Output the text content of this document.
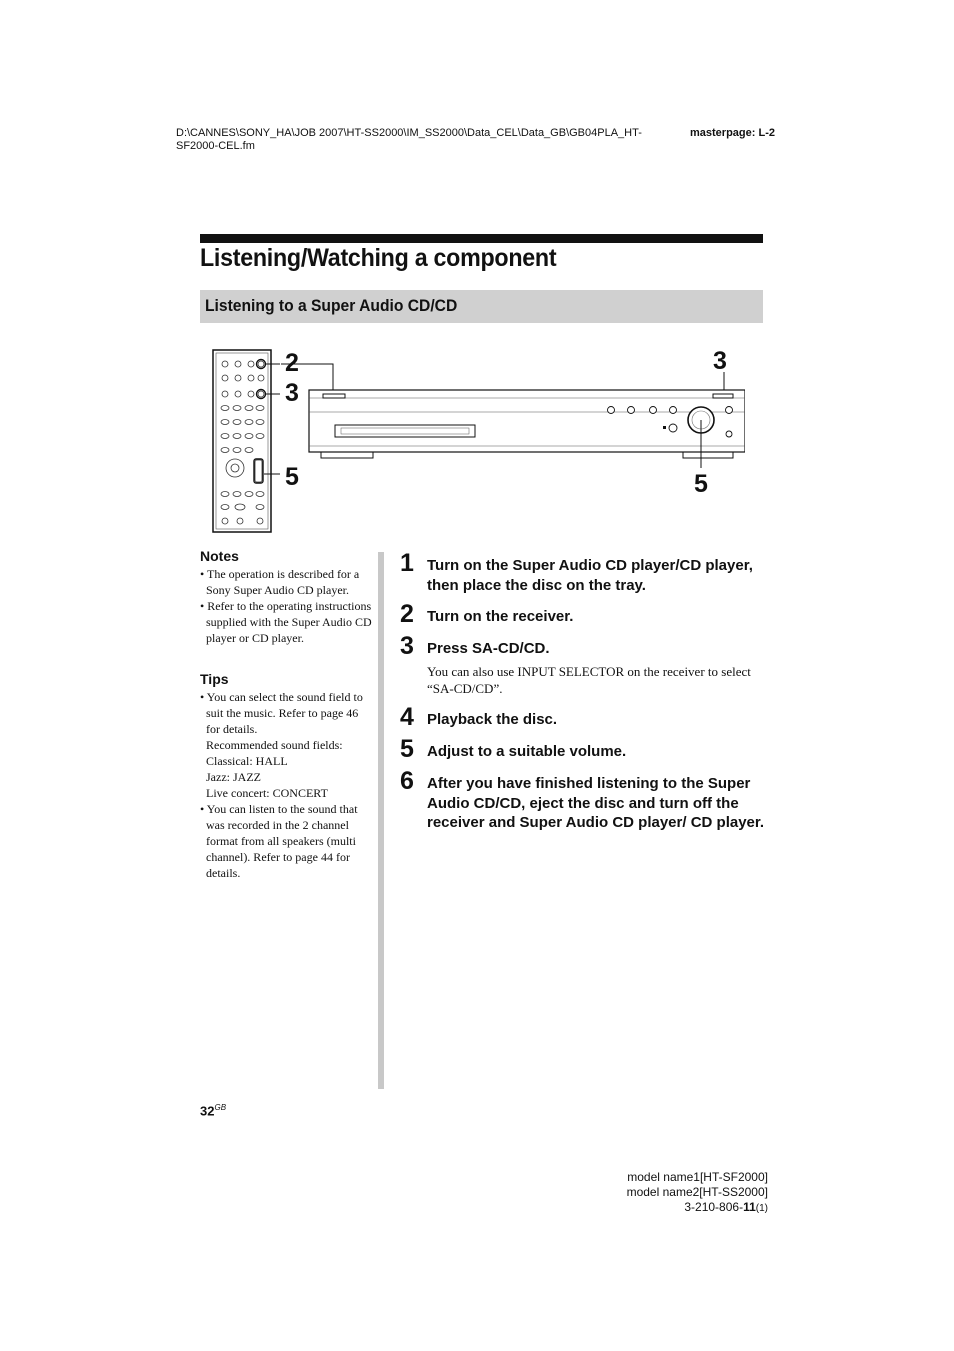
D:\CANNES\SONY_HA\JOB 2007\HT-SS2000\IM_SS2000\Data_CEL\Data_GB\GB04PLA_HT-
SF2000-CEL.fm
masterpage: L-2
Listening/Watching a component
Listening to a Super Audio CD/CD
2
3
5
3
5
Notes
• The operation is described for a Sony Super Audio CD player.
• Refer to the operating instructions supplied with the Super Audio CD player or CD player.
Tips
• You can select the sound field to suit the music. Refer to page 46 for details.
Recommended sound fields:
Classical: HALL
Jazz: JAZZ
Live concert: CONCERT
• You can listen to the sound that was recorded in the 2 channel format from all speakers (multi channel). Refer to page 44 for details.
1 Turn on the Super Audio CD player/CD player, then place the disc on the tray.
2 Turn on the receiver.
3 Press SA-CD/CD.
You can also use INPUT SELECTOR on the receiver to select “SA-CD/CD”.
4 Playback the disc.
5 Adjust to a suitable volume.
6 After you have finished listening to the Super Audio CD/CD, eject the disc and turn off the receiver and Super Audio CD player/ CD player.
$32^{GB}$
model name1[HT-SF2000]
model name2[HT-SS2000]
3-210-806-11(1)
